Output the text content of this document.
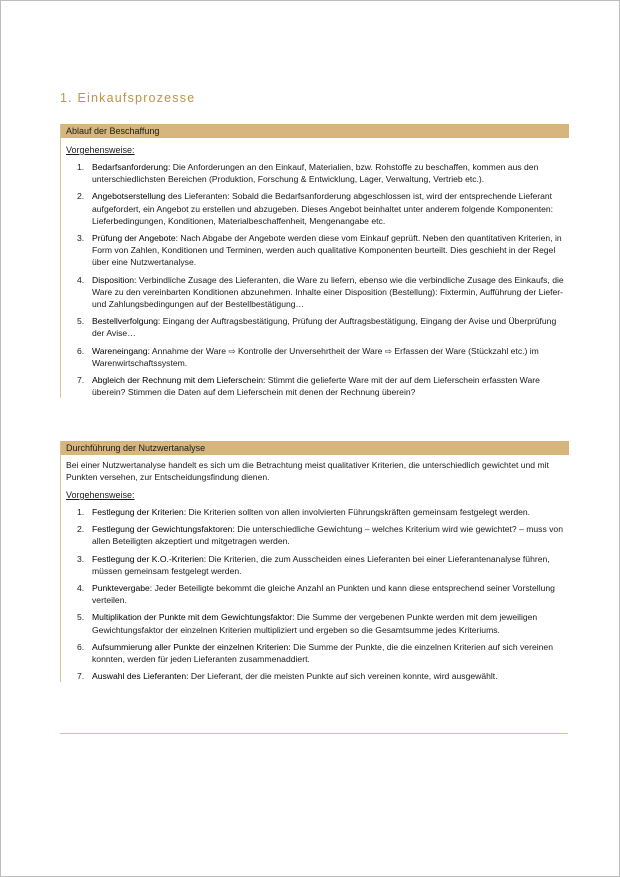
1. Einkaufsprozesse
Ablauf der Beschaffung
Vorgehensweise:
1. Bedarfsanforderung: Die Anforderungen an den Einkauf, Materialien, bzw. Rohstoffe zu beschaffen, kommen aus den unterschiedlichsten Bereichen (Produktion, Forschung & Entwicklung, Lager, Verwaltung, Vertrieb etc.).
2. Angebotserstellung des Lieferanten: Sobald die Bedarfsanforderung abgeschlossen ist, wird der entsprechende Lieferant aufgefordert, ein Angebot zu erstellen und abzugeben. Dieses Angebot beinhaltet unter anderem folgende Komponenten: Lieferbedingungen, Konditionen, Materialbeschaffenheit, Mengenangabe etc.
3. Prüfung der Angebote: Nach Abgabe der Angebote werden diese vom Einkauf geprüft. Neben den quantitativen Kriterien, in Form von Zahlen, Konditionen und Terminen, werden auch qualitative Komponenten beurteilt. Dies geschieht in der Regel über eine Nutzwertanalyse.
4. Disposition: Verbindliche Zusage des Lieferanten, die Ware zu liefern, ebenso wie die verbindliche Zusage des Einkaufs, die Ware zu den vereinbarten Konditionen abzunehmen. Inhalte einer Disposition (Bestellung): Fixtermin, Aufführung der Liefer- und Zahlungsbedingungen auf der Bestellbestätigung…
5. Bestellverfolgung: Eingang der Auftragsbestätigung, Prüfung der Auftragsbestätigung, Eingang der Avise und Überprüfung der Avise…
6. Wareneingang: Annahme der Ware ⇨ Kontrolle der Unversehrtheit der Ware ⇨ Erfassen der Ware (Stückzahl etc.) im Warenwirtschaftssystem.
7. Abgleich der Rechnung mit dem Lieferschein: Stimmt die gelieferte Ware mit der auf dem Lieferschein erfassten Ware überein? Stimmen die Daten auf dem Lieferschein mit denen der Rechnung überein?
Durchführung der Nutzwertanalyse
Bei einer Nutzwertanalyse handelt es sich um die Betrachtung meist qualitativer Kriterien, die unterschiedlich gewichtet und mit Punkten versehen, zur Entscheidungsfindung dienen.
Vorgehensweise:
1. Festlegung der Kriterien: Die Kriterien sollten von allen involvierten Führungskräften gemeinsam festgelegt werden.
2. Festlegung der Gewichtungsfaktoren: Die unterschiedliche Gewichtung – welches Kriterium wird wie gewichtet? – muss von allen Beteiligten akzeptiert und mitgetragen werden.
3. Festlegung der K.O.-Kriterien: Die Kriterien, die zum Ausscheiden eines Lieferanten bei einer Lieferantenanalyse führen, müssen gemeinsam festgelegt werden.
4. Punktevergabe: Jeder Beteiligte bekommt die gleiche Anzahl an Punkten und kann diese entsprechend seiner Vorstellung verteilen.
5. Multiplikation der Punkte mit dem Gewichtungsfaktor: Die Summe der vergebenen Punkte werden mit dem jeweiligen Gewichtungsfaktor der einzelnen Kriterien multipliziert und ergeben so die Gesamtsumme jedes Kriteriums.
6. Aufsummierung aller Punkte der einzelnen Kriterien: Die Summe der Punkte, die die einzelnen Kriterien auf sich vereinen konnten, werden für jeden Lieferanten zusammenaddiert.
7. Auswahl des Lieferanten: Der Lieferant, der die meisten Punkte auf sich vereinen konnte, wird ausgewählt.
